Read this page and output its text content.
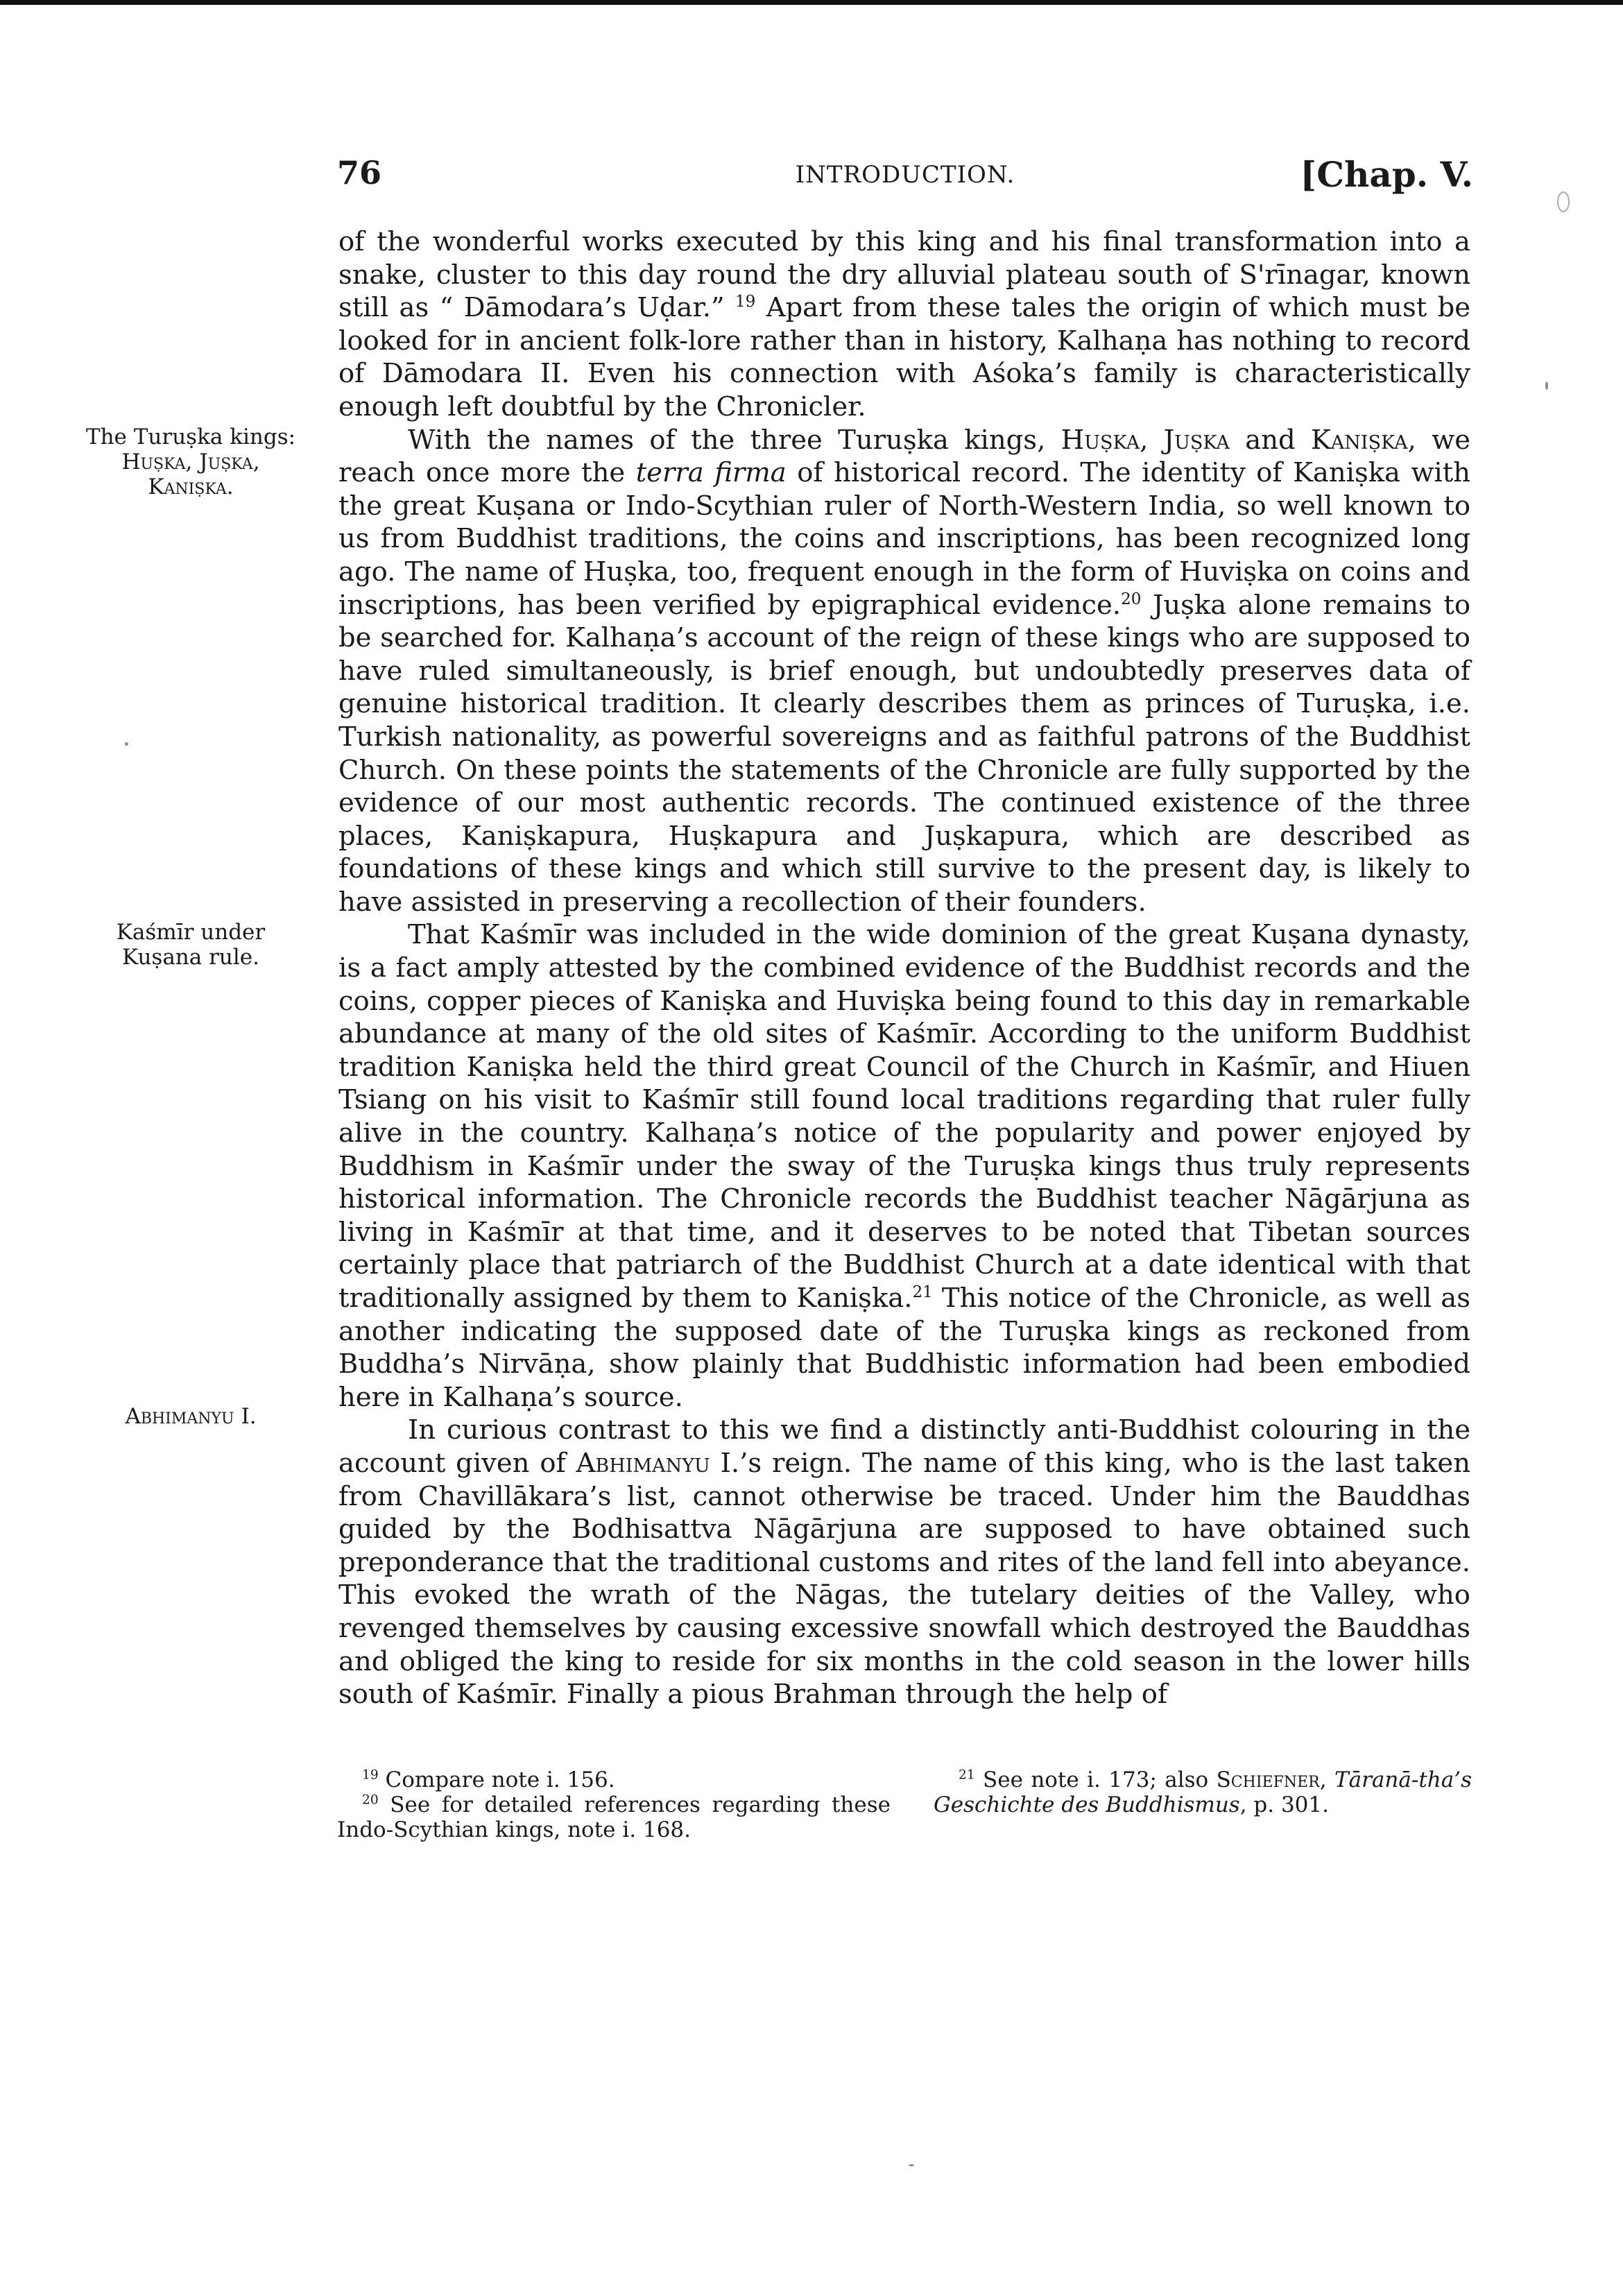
76	INTRODUCTION.	[Chap. V.
The Turuṣka kings:
Huṣka, Juṣka,
Kaniṣka.
Kaśmīr under
Kuṣana rule.
Abhimanyu I.

of the wonderful works executed by this king and his final transformation into a snake, cluster to this day round the dry alluvial plateau south of S'rīnagar, known still as “ Dāmodara’s Uḍar.” $^{19}$ Apart from these tales the origin of which must be looked for in ancient folk-lore rather than in history, Kalhaṇa has nothing to record of Dāmodara II. Even his connection with Aśoka’s family is characteristically enough left doubtful by the Chronicler.

With the names of the three Turuṣka kings, Huṣka, Juṣka and Kaniṣka, we reach once more the terra firma of historical record. The identity of Kaniṣka with the great Kuṣana or Indo-Scythian ruler of North-Western India, so well known to us from Buddhist traditions, the coins and inscriptions, has been recognized long ago. The name of Huṣka, too, frequent enough in the form of Huviṣka on coins and inscriptions, has been verified by epigraphical evidence.$^{20}$ Juṣka alone remains to be searched for. Kalhaṇa’s account of the reign of these kings who are supposed to have ruled simultaneously, is brief enough, but undoubtedly preserves data of genuine historical tradition. It clearly describes them as princes of Turuṣka, i.e. Turkish nationality, as powerful sovereigns and as faithful patrons of the Buddhist Church. On these points the statements of the Chronicle are fully supported by the evidence of our most authentic records. The continued existence of the three places, Kaniṣkapura, Huṣkapura and Juṣkapura, which are described as foundations of these kings and which still survive to the present day, is likely to have assisted in preserving a recollection of their founders.

That Kaśmīr was included in the wide dominion of the great Kuṣana dynasty, is a fact amply attested by the combined evidence of the Buddhist records and the coins, copper pieces of Kaniṣka and Huviṣka being found to this day in remarkable abundance at many of the old sites of Kaśmīr. According to the uniform Buddhist tradition Kaniṣka held the third great Council of the Church in Kaśmīr, and Hiuen Tsiang on his visit to Kaśmīr still found local traditions regarding that ruler fully alive in the country. Kalhaṇa’s notice of the popularity and power enjoyed by Buddhism in Kaśmīr under the sway of the Turuṣka kings thus truly represents historical information. The Chronicle records the Buddhist teacher Nāgārjuna as living in Kaśmīr at that time, and it deserves to be noted that Tibetan sources certainly place that patriarch of the Buddhist Church at a date identical with that traditionally assigned by them to Kaniṣka.$^{21}$ This notice of the Chronicle, as well as another indicating the supposed date of the Turuṣka kings as reckoned from Buddha’s Nirvāṇa, show plainly that Buddhistic information had been embodied here in Kalhaṇa’s source.

In curious contrast to this we find a distinctly anti-Buddhist colouring in the account given of Abhimanyu I.’s reign. The name of this king, who is the last taken from Chavillākara’s list, cannot otherwise be traced. Under him the Bauddhas guided by the Bodhisattva Nāgārjuna are supposed to have obtained such preponderance that the traditional customs and rites of the land fell into abeyance. This evoked the wrath of the Nāgas, the tutelary deities of the Valley, who revenged themselves by causing excessive snowfall which destroyed the Bauddhas and obliged the king to reside for six months in the cold season in the lower hills south of Kaśmīr. Finally a pious Brahman through the help of

$^{19}$ Compare note i. 156.

$^{20}$ See for detailed references regarding these Indo-Scythian kings, note i. 168.

$^{21}$ See note i. 173; also Schiefner, Tāranā-tha’s Geschichte des Buddhismus, p. 301.
